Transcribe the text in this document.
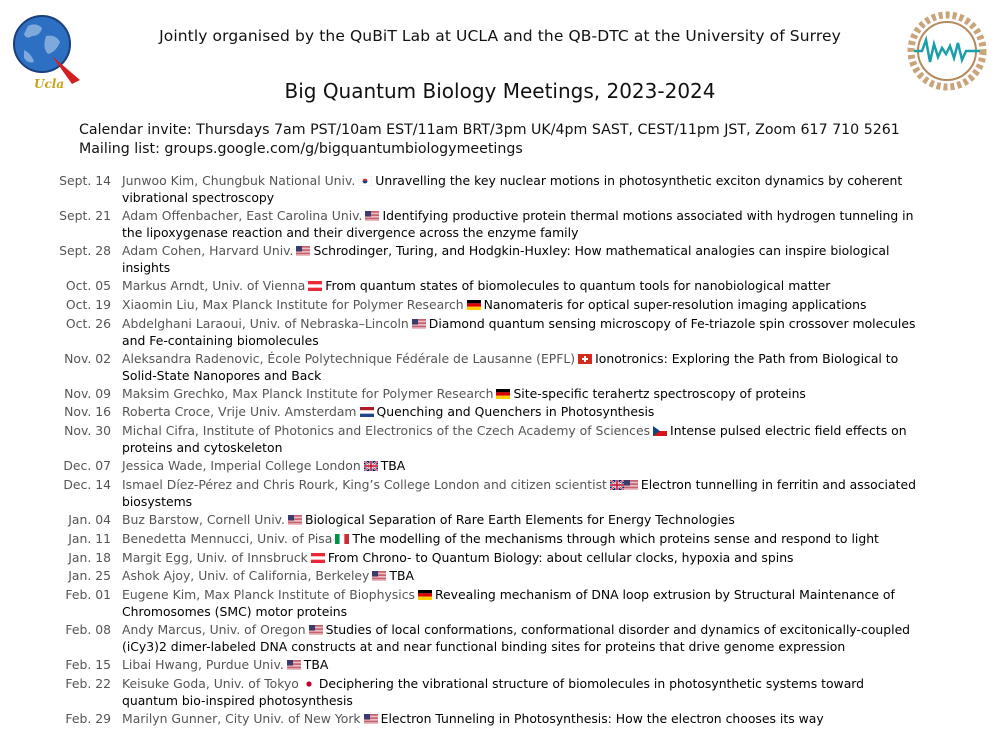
Ucla
Jointly organised by the QuBiT Lab at UCLA and the QB-DTC at the University of Surrey
Big Quantum Biology Meetings, 2023-2024
Calendar invite: Thursdays 7am PST/10am EST/11am BRT/3pm UK/4pm SAST, CEST/11pm JST, Zoom 617 710 5261
Mailing list: groups.google.com/g/bigquantumbiologymeetings
Sept. 14 Junwoo Kim, Chungbuk National Univ. Unravelling the key nuclear motions in photosynthetic exciton dynamics by coherent vibrational spectroscopy
Sept. 21 Adam Offenbacher, East Carolina Univ. Identifying productive protein thermal motions associated with hydrogen tunneling in the lipoxygenase reaction and their divergence across the enzyme family
Sept. 28 Adam Cohen, Harvard Univ. Schrodinger, Turing, and Hodgkin-Huxley: How mathematical analogies can inspire biological insights
Oct. 05 Markus Arndt, Univ. of Vienna From quantum states of biomolecules to quantum tools for nanobiological matter
Oct. 19 Xiaomin Liu, Max Planck Institute for Polymer Research Nanomateris for optical super-resolution imaging applications
Oct. 26 Abdelghani Laraoui, Univ. of Nebraska–Lincoln Diamond quantum sensing microscopy of Fe-triazole spin crossover molecules and Fe-containing biomolecules
Nov. 02 Aleksandra Radenovic, École Polytechnique Fédérale de Lausanne (EPFL) Ionotronics: Exploring the Path from Biological to Solid-State Nanopores and Back
Nov. 09 Maksim Grechko, Max Planck Institute for Polymer Research Site-specific terahertz spectroscopy of proteins
Nov. 16 Roberta Croce, Vrije Univ. Amsterdam Quenching and Quenchers in Photosynthesis
Nov. 30 Michal Cifra, Institute of Photonics and Electronics of the Czech Academy of Sciences Intense pulsed electric field effects on proteins and cytoskeleton
Dec. 07 Jessica Wade, Imperial College London TBA
Dec. 14 Ismael Díez-Pérez and Chris Rourk, King’s College London and citizen scientist	Electron tunnelling in ferritin and associated biosystems
Jan. 04 Buz Barstow, Cornell Univ. Biological Separation of Rare Earth Elements for Energy Technologies
Jan. 11 Benedetta Mennucci, Univ. of Pisa The modelling of the mechanisms through which proteins sense and respond to light
Jan. 18 Margit Egg, Univ. of Innsbruck From Chrono- to Quantum Biology: about cellular clocks, hypoxia and spins
Jan. 25 Ashok Ajoy, Univ. of California, Berkeley TBA
Feb. 01 Eugene Kim, Max Planck Institute of Biophysics Revealing mechanism of DNA loop extrusion by Structural Maintenance of Chromosomes (SMC) motor proteins
Feb. 08 Andy Marcus, Univ. of Oregon Studies of local conformations, conformational disorder and dynamics of excitonically-coupled (iCy3)2 dimer-labeled DNA constructs at and near functional binding sites for proteins that drive genome expression
Feb. 15 Libai Hwang, Purdue Univ. TBA
Feb. 22 Keisuke Goda, Univ. of Tokyo Deciphering the vibrational structure of biomolecules in photosynthetic systems toward quantum bio-inspired photosynthesis
Feb. 29 Marilyn Gunner, City Univ. of New York Electron Tunneling in Photosynthesis: How the electron chooses its way
